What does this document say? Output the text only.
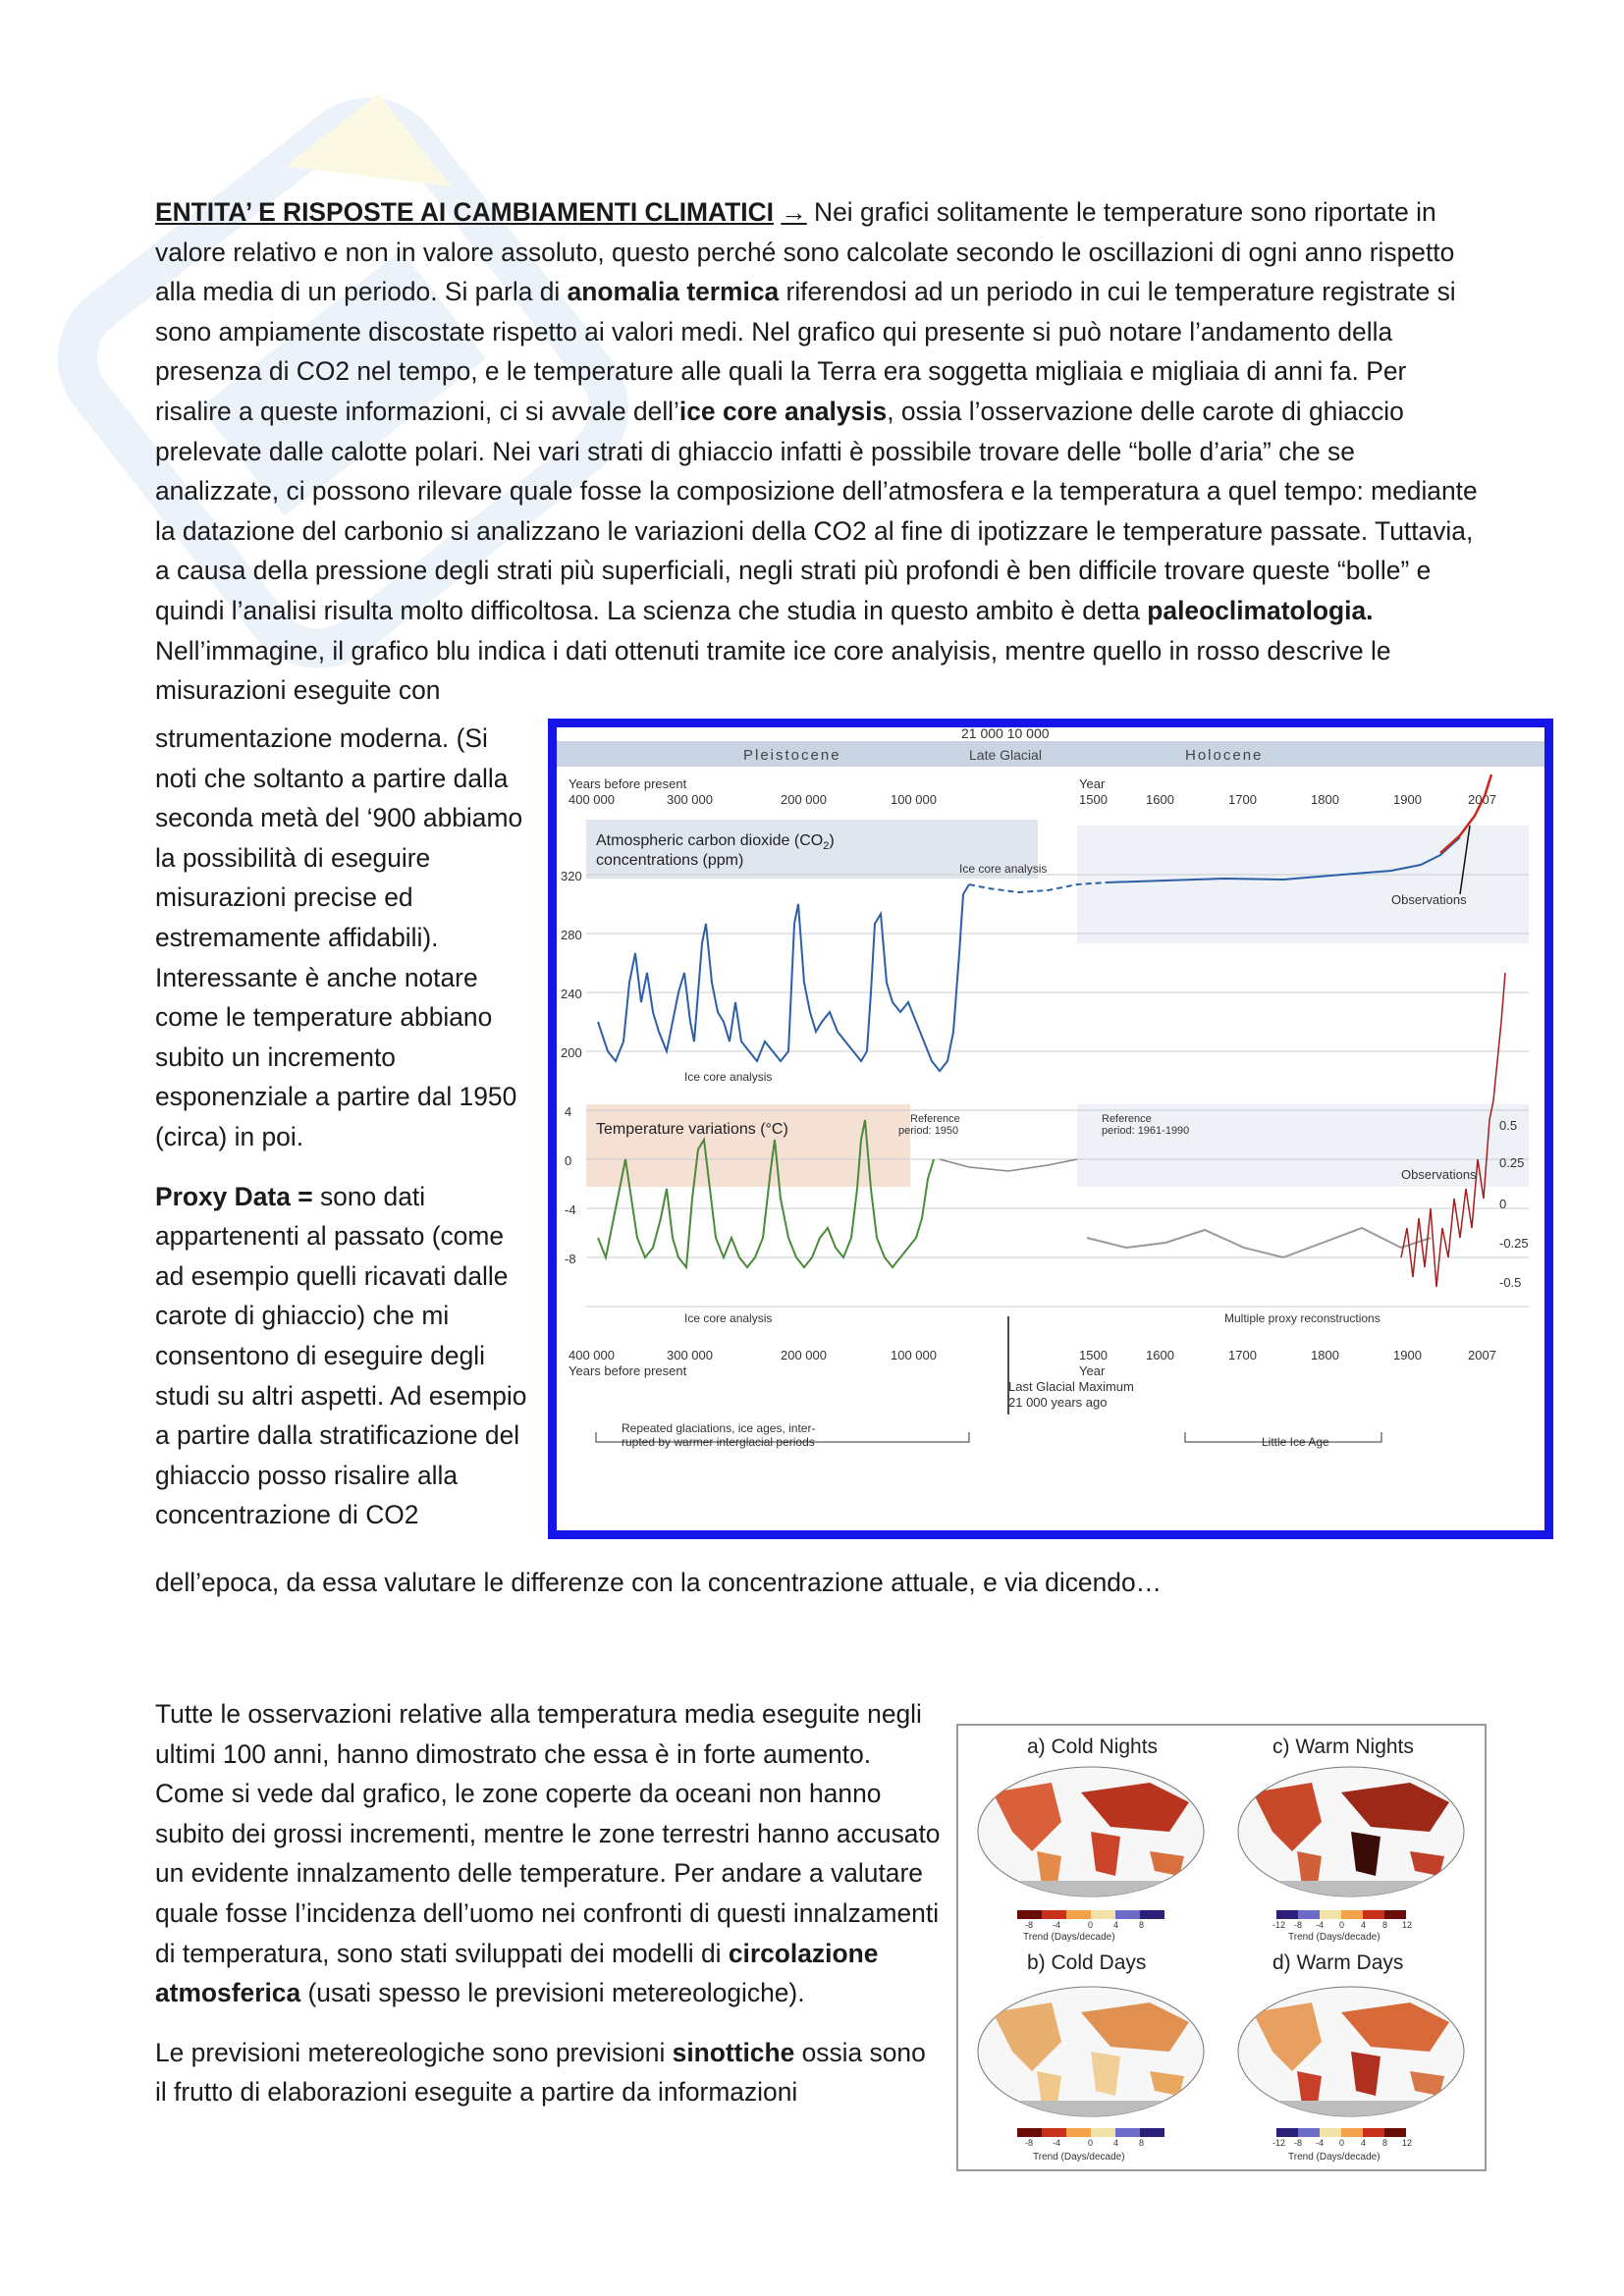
ENTITA’ E RISPOSTE AI CAMBIAMENTI CLIMATICI → Nei grafici solitamente le temperature sono riportate in valore relativo e non in valore assoluto, questo perché sono calcolate secondo le oscillazioni di ogni anno rispetto alla media di un periodo. Si parla di anomalia termica riferendosi ad un periodo in cui le temperature registrate si sono ampiamente discostate rispetto ai valori medi. Nel grafico qui presente si può notare l’andamento della presenza di CO2 nel tempo, e le temperature alle quali la Terra era soggetta migliaia e migliaia di anni fa. Per risalire a queste informazioni, ci si avvale dell’ice core analysis, ossia l’osservazione delle carote di ghiaccio prelevate dalle calotte polari. Nei vari strati di ghiaccio infatti è possibile trovare delle “bolle d’aria” che se analizzate, ci possono rilevare quale fosse la composizione dell’atmosfera e la temperatura a quel tempo: mediante la datazione del carbonio si analizzano le variazioni della CO2 al fine di ipotizzare le temperature passate. Tuttavia, a causa della pressione degli strati più superficiali, negli strati più profondi è ben difficile trovare queste “bolle” e quindi l’analisi risulta molto difficoltosa. La scienza che studia in questo ambito è detta paleoclimatologia. Nell’immagine, il grafico blu indica i dati ottenuti tramite ice core analyisis, mentre quello in rosso descrive le misurazioni eseguite con

strumentazione moderna. (Si noti che soltanto a partire dalla seconda metà del ‘900 abbiamo la possibilità di eseguire misurazioni precise ed estremamente affidabili). Interessante è anche notare come le temperature abbiano subito un incremento esponenziale a partire dal 1950 (circa) in poi.

Proxy Data = sono dati appartenenti al passato (come ad esempio quelli ricavati dalle carote di ghiaccio) che mi consentono di eseguire degli studi su altri aspetti. Ad esempio a partire dalla stratificazione del ghiaccio posso risalire alla concentrazione di CO2

dell’epoca, da essa valutare le differenze con la concentrazione attuale, e via dicendo…

21 000 10 000
Pleistocene	Late Glacial	Holocene
Years before present	Year
400 000	300 000	200 000	100 000	1500	1600	1700	1800	1900	2007
Atmospheric carbon dioxide $(CO_2)$
concentrations (ppm)
320
280
240
200
Ice core analysis
Ice core analysis
Observations
Temperature variations (°C)
Reference
period: 1950
Reference
period: 1961-1990
4
0
-4
-8
0.5
0.25
0
-0.25
-0.5
Ice core analysis	Multiple proxy reconstructions
Observations
400 000	300 000	200 000	100 000
Years before present
1500	1600	1700	1800	1900	2007
Year
Last Glacial Maximum
21 000 years ago
Repeated glaciations, ice ages, inter-
rupted by warmer interglacial periods	Little Ice Age

Tutte le osservazioni relative alla temperatura media eseguite negli ultimi 100 anni, hanno dimostrato che essa è in forte aumento. Come si vede dal grafico, le zone coperte da oceani non hanno subito dei grossi incrementi, mentre le zone terrestri hanno accusato un evidente innalzamento delle temperature. Per andare a valutare quale fosse l’incidenza dell’uomo nei confronti di questi innalzamenti di temperatura, sono stati sviluppati dei modelli di circolazione atmosferica (usati spesso le previsioni metereologiche).

Le previsioni metereologiche sono previsioni sinottiche ossia sono il frutto di elaborazioni eseguite a partire da informazioni

a) Cold Nights	c) Warm Nights
b) Cold Days	d) Warm Days
-8 -4	0 4 8
Trend (Days/decade)
-12 -8 -4 0 4 8 12
Trend (Days/decade)
-8 -4	0 4 8
Trend (Days/decade)
-12 -8 -4 0 4 8 12
Trend (Days/decade)
